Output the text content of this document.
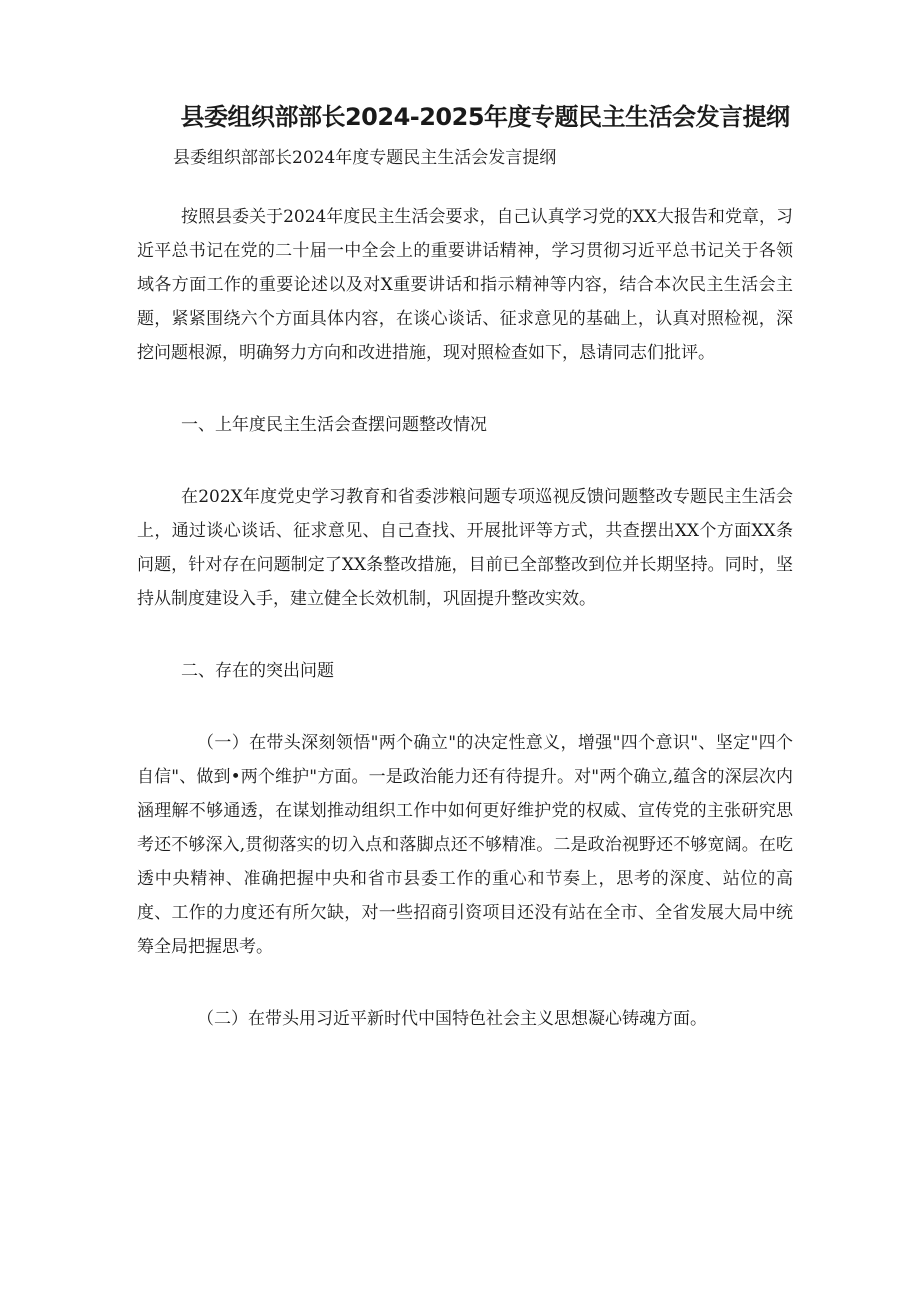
县委组织部部长2024-2025年度专题民主生活会发言提纲

县委组织部部长2024年度专题民主生活会发言提纲

按照县委关于2024年度民主生活会要求，自己认真学习党的XX大报告和党章，习近平总书记在党的二十届一中全会上的重要讲话精神，学习贯彻习近平总书记关于各领域各方面工作的重要论述以及对X重要讲话和指示精神等内容，结合本次民主生活会主题，紧紧围绕六个方面具体内容，在谈心谈话、征求意见的基础上，认真对照检视，深挖问题根源，明确努力方向和改进措施，现对照检查如下，恳请同志们批评。

一、上年度民主生活会查摆问题整改情况

在202X年度党史学习教育和省委涉粮问题专项巡视反馈问题整改专题民主生活会上，通过谈心谈话、征求意见、自己查找、开展批评等方式，共查摆出XX个方面XX条问题，针对存在问题制定了XX条整改措施，目前已全部整改到位并长期坚持。同时，坚持从制度建设入手，建立健全长效机制，巩固提升整改实效。

二、存在的突出问题

（一）在带头深刻领悟"两个确立"的决定性意义，增强"四个意识"、坚定"四个自信"、做到•两个维护"方面。一是政治能力还有待提升。对"两个确立,蕴含的深层次内涵理解不够通透，在谋划推动组织工作中如何更好维护党的权威、宣传党的主张研究思考还不够深入,贯彻落实的切入点和落脚点还不够精准。二是政治视野还不够宽阔。在吃透中央精神、准确把握中央和省市县委工作的重心和节奏上，思考的深度、站位的高度、工作的力度还有所欠缺，对一些招商引资项目还没有站在全市、全省发展大局中统筹全局把握思考。

（二）在带头用习近平新时代中国特色社会主义思想凝心铸魂方面。
